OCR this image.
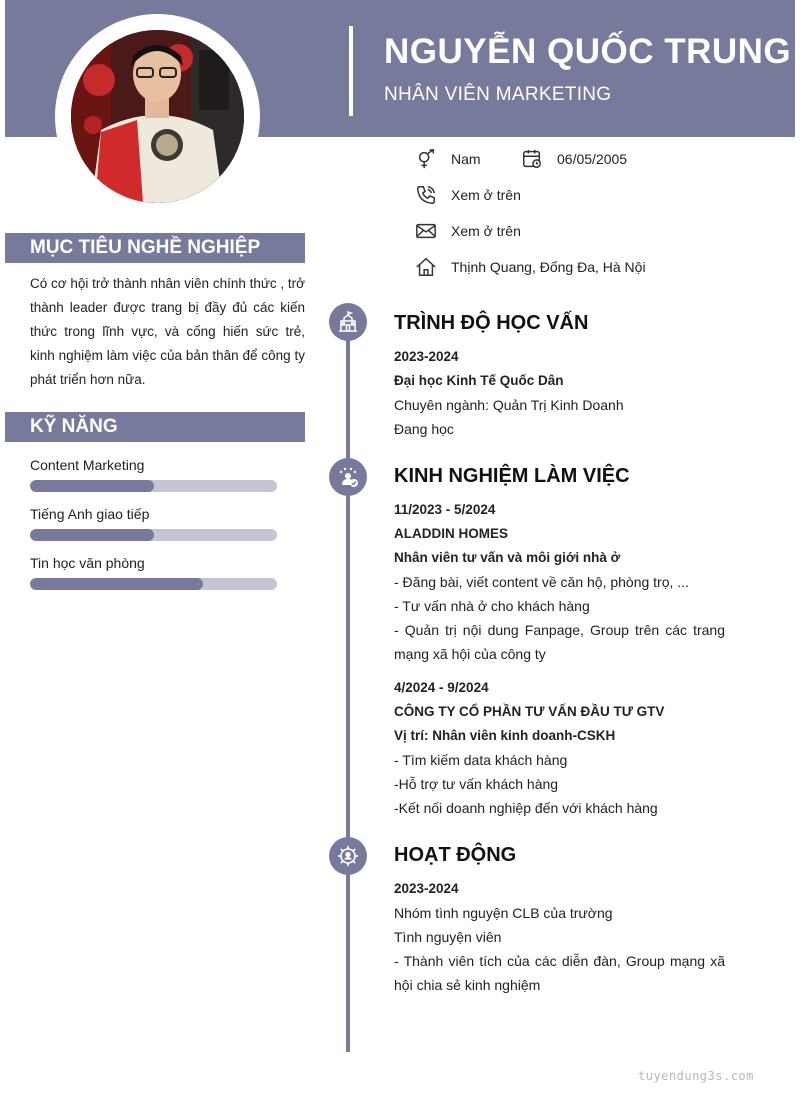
NGUYỄN QUỐC TRUNG
NHÂN VIÊN MARKETING
Nam	06/05/2005
Xem ở trên
Xem ở trên
Thịnh Quang, Đống Đa, Hà Nội
MỤC TIÊU NGHỀ NGHIỆP
Có cơ hội trở thành nhân viên chính thức , trở thành leader được trang bị đầy đủ các kiến thức trong lĩnh vực, và cống hiến sức trẻ, kinh nghiệm làm việc của bản thân để công ty phát triển hơn nữa.
KỸ NĂNG
Content Marketing
Tiếng Anh giao tiếp
Tin học văn phòng
TRÌNH ĐỘ HỌC VẤN
2023-2024
Đại học Kinh Tế Quốc Dân
Chuyên ngành: Quản Trị Kinh Doanh
Đang học
KINH NGHIỆM LÀM VIỆC
11/2023 - 5/2024
ALADDIN HOMES
Nhân viên tư vấn và môi giới nhà ở
- Đăng bài, viết content về căn hộ, phòng trọ, ...
- Tư vấn nhà ở cho khách hàng
- Quản trị nội dung Fanpage, Group trên các trang mạng xã hội của công ty
4/2024 - 9/2024
CÔNG TY CỔ PHẦN TƯ VẤN ĐẦU TƯ GTV
Vị trí: Nhân viên kinh doanh-CSKH
- Tìm kiếm data khách hàng
-Hỗ trợ tư vấn khách hàng
-Kết nối doanh nghiệp đến với khách hàng
HOẠT ĐỘNG
2023-2024
Nhóm tình nguyện CLB của trường
Tình nguyện viên
- Thành viên tích của các diễn đàn, Group mạng xã hội chia sẻ kinh nghiệm
tuyendung3s.com
